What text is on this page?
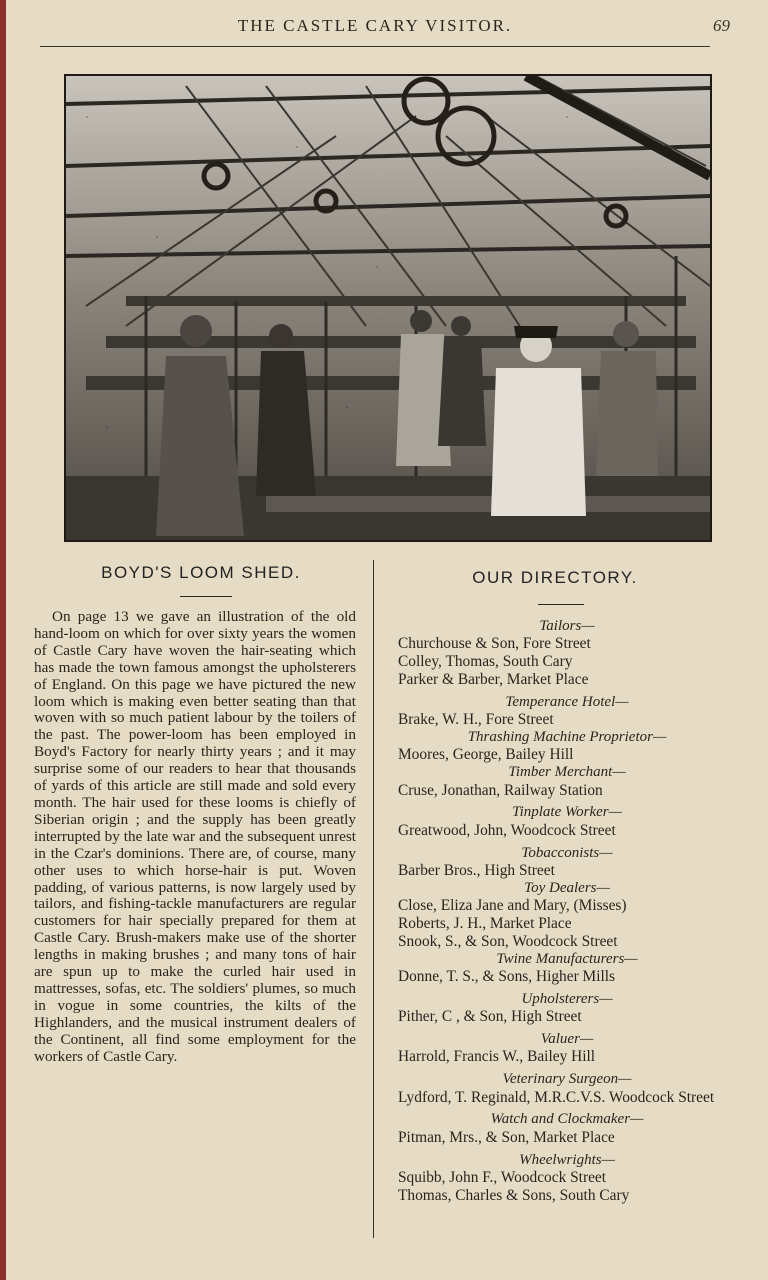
THE CASTLE CARY VISITOR.	69
BOYD'S LOOM SHED.

On page 13 we gave an illustration of the old hand-loom on which for over sixty years the women of Castle Cary have woven the hair-seating which has made the town famous amongst the upholsterers of England. On this page we have pictured the new loom which is making even better seating than that woven with so much patient labour by the toilers of the past. The power-loom has been employed in Boyd's Factory for nearly thirty years ; and it may surprise some of our readers to hear that thousands of yards of this article are still made and sold every month. The hair used for these looms is chiefly of Siberian origin ; and the supply has been greatly interrupted by the late war and the subsequent unrest in the Czar's dominions. There are, of course, many other uses to which horse-hair is put. Woven padding, of various patterns, is now largely used by tailors, and fishing-tackle manufacturers are regular customers for hair specially prepared for them at Castle Cary. Brush-makers make use of the shorter lengths in making brushes ; and many tons of hair are spun up to make the curled hair used in mattresses, sofas, etc. The soldiers' plumes, so much in vogue in some countries, the kilts of the Highlanders, and the musical instrument dealers of the Continent, all find some employment for the workers of Castle Cary.

OUR DIRECTORY.
Tailors—
Churchouse & Son, Fore Street
Colley, Thomas, South Cary
Parker & Barber, Market Place
Temperance Hotel—
Brake, W. H., Fore Street
Thrashing Machine Proprietor—
Moores, George, Bailey Hill
Timber Merchant—
Cruse, Jonathan, Railway Station
Tinplate Worker—
Greatwood, John, Woodcock Street
Tobacconists—
Barber Bros., High Street
Toy Dealers—
Close, Eliza Jane and Mary, (Misses)
Roberts, J. H., Market Place
Snook, S., & Son, Woodcock Street
Twine Manufacturers—
Donne, T. S., & Sons, Higher Mills
Upholsterers—
Pither, C , & Son, High Street
Valuer—
Harrold, Francis W., Bailey Hill
Veterinary Surgeon—
Lydford, T. Reginald, M.R.C.V.S. Woodcock Street
Watch and Clockmaker—
Pitman, Mrs., & Son, Market Place
Wheelwrights—
Squibb, John F., Woodcock Street
Thomas, Charles & Sons, South Cary
